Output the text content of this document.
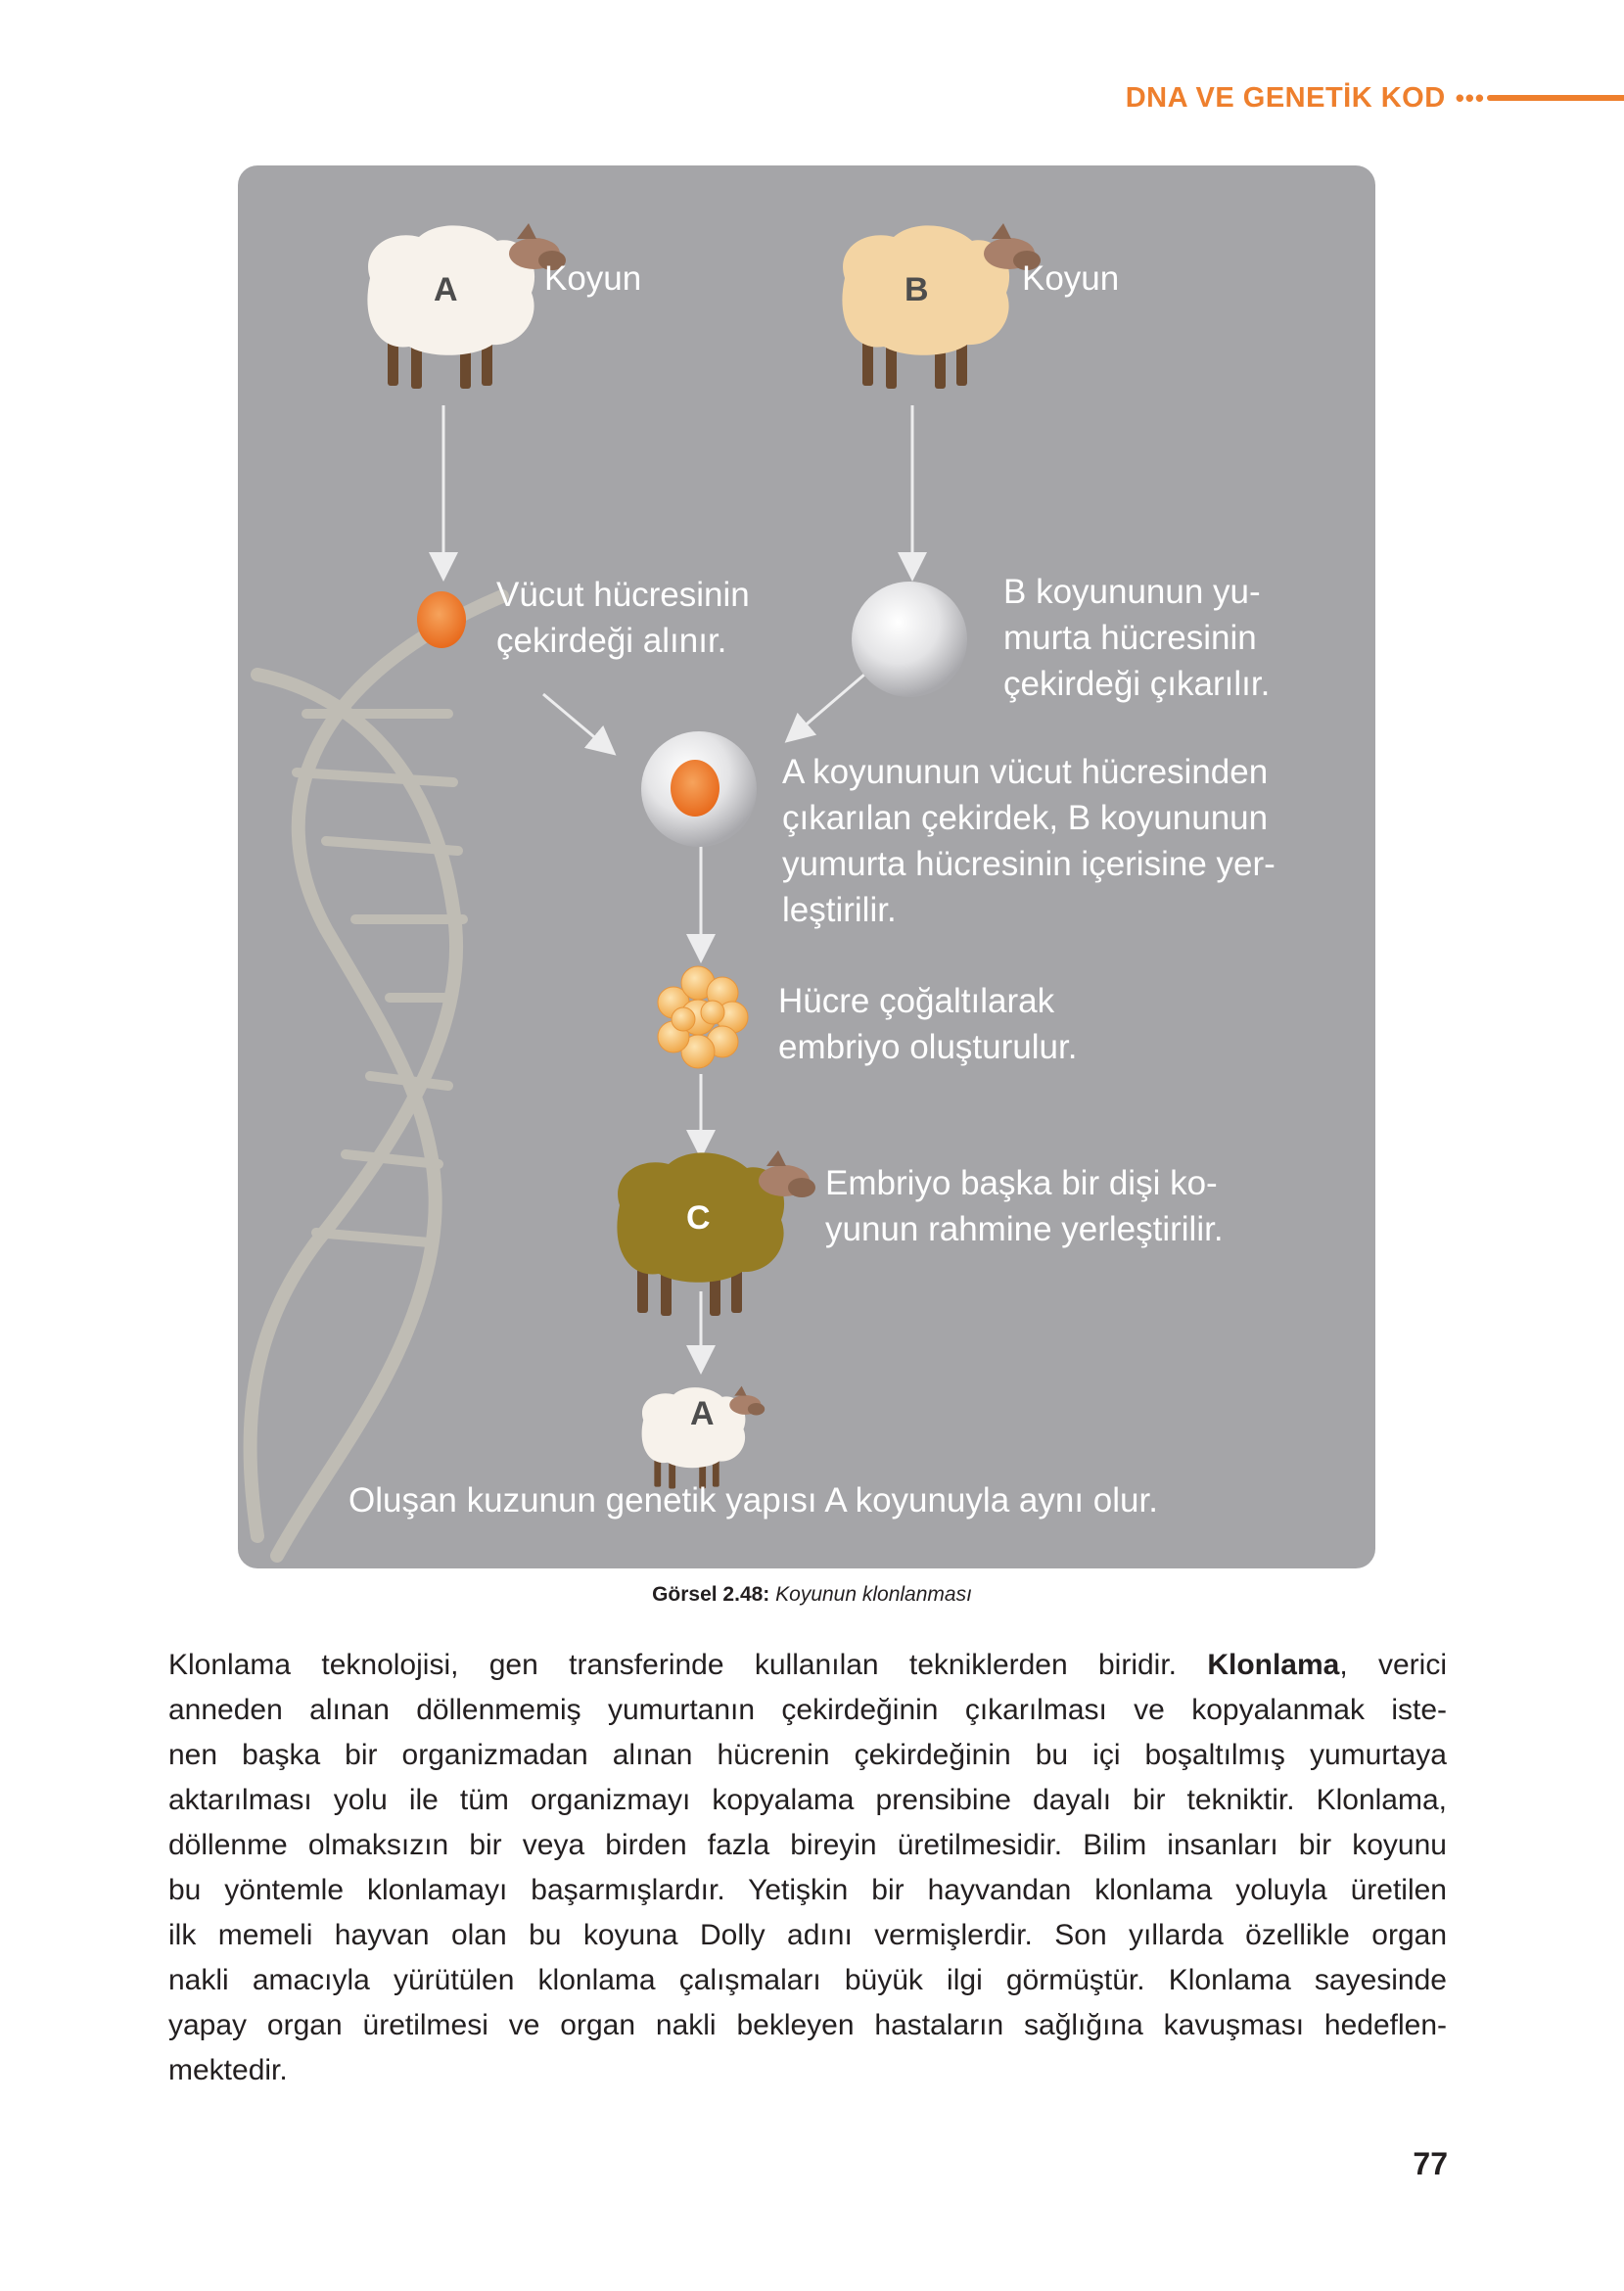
DNA VE GENETİK KOD •••
A	Koyun	B	Koyun
Vücut hücresinin
çekirdeği alınır.
B koyununun yu-
murta hücresinin
çekirdeği çıkarılır.
A koyununun vücut hücresinden
çıkarılan çekirdek, B koyununun
yumurta hücresinin içerisine yer-
leştirilir.
Hücre çoğaltılarak
embriyo oluşturulur.
C
Embriyo başka bir dişi ko-
yunun rahmine yerleştirilir.
A
Oluşan kuzunun genetik yapısı A koyunuyla aynı olur.
Görsel 2.48: Koyunun klonlanması
Klonlama teknolojisi, gen transferinde kullanılan tekniklerden biridir. Klonlama, verici
anneden alınan döllenmemiş yumurtanın çekirdeğinin çıkarılması ve kopyalanmak iste-
nen başka bir organizmadan alınan hücrenin çekirdeğinin bu içi boşaltılmış yumurtaya
aktarılması yolu ile tüm organizmayı kopyalama prensibine dayalı bir tekniktir. Klonlama,
döllenme olmaksızın bir veya birden fazla bireyin üretilmesidir. Bilim insanları bir koyunu
bu yöntemle klonlamayı başarmışlardır. Yetişkin bir hayvandan klonlama yoluyla üretilen
ilk memeli hayvan olan bu koyuna Dolly adını vermişlerdir. Son yıllarda özellikle organ
nakli amacıyla yürütülen klonlama çalışmaları büyük ilgi görmüştür. Klonlama sayesinde
yapay organ üretilmesi ve organ nakli bekleyen hastaların sağlığına kavuşması hedeflen-
mektedir.
77
